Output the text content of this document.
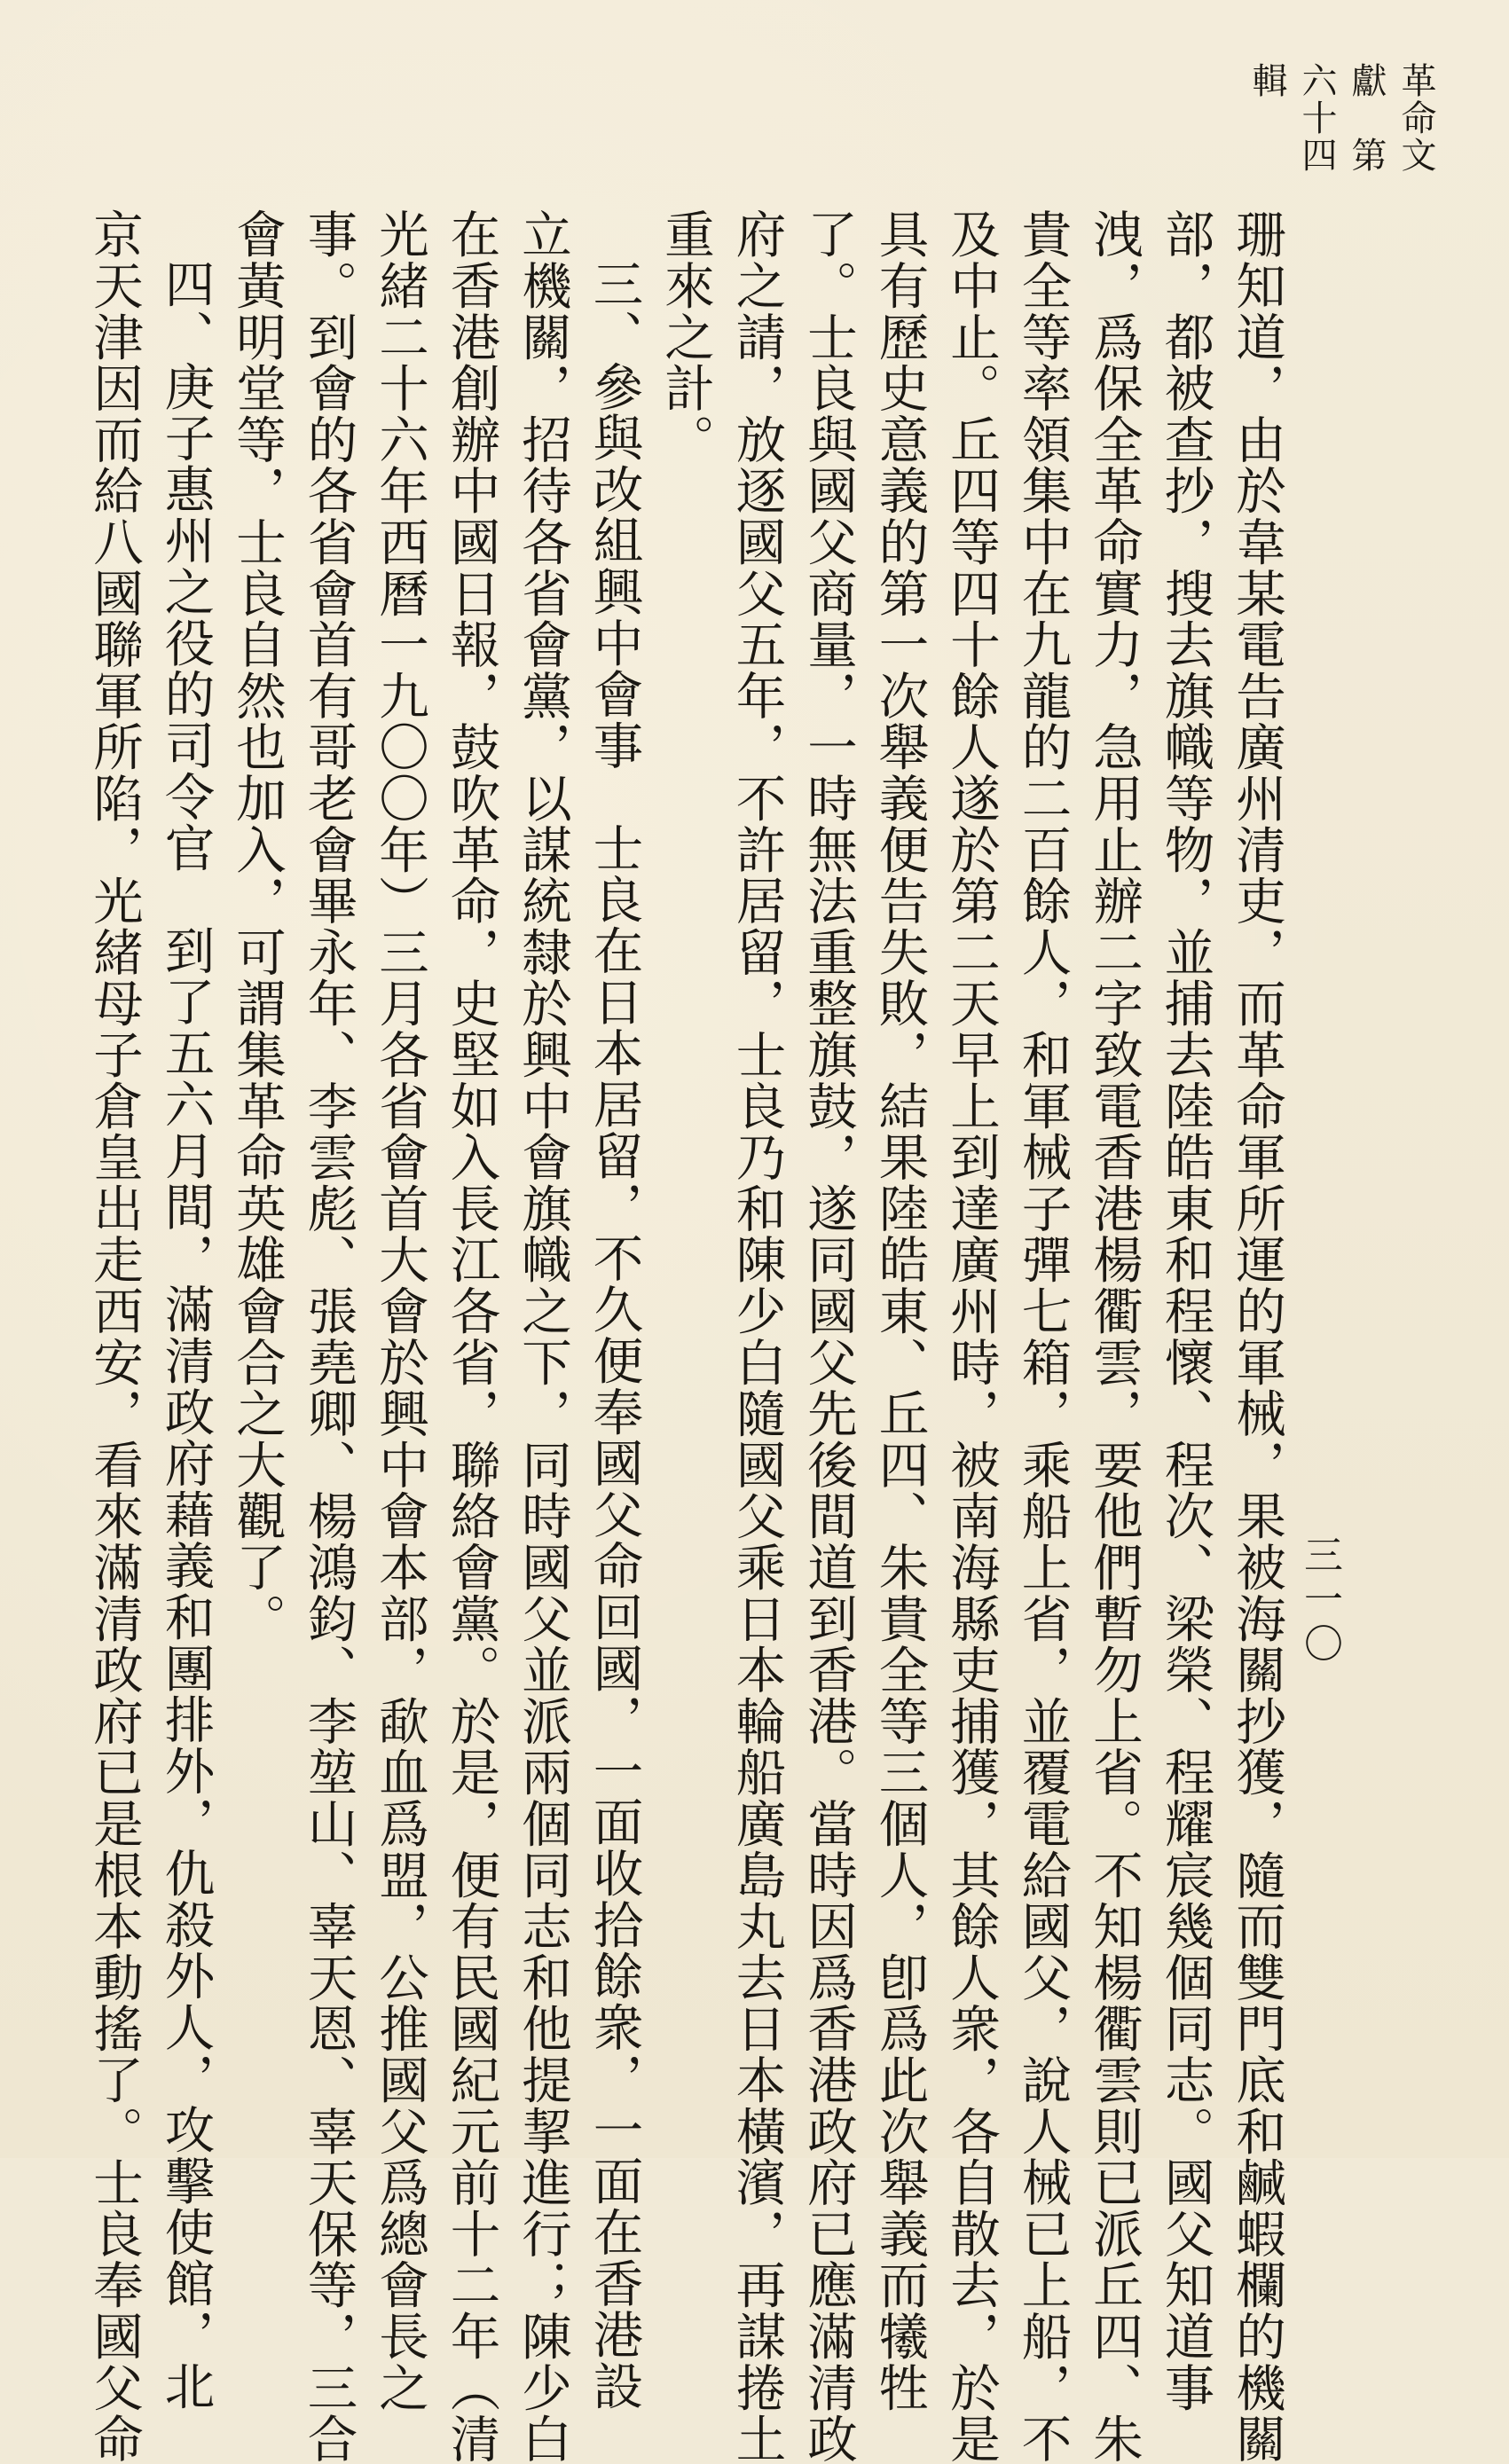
革命文獻　第六十四輯
三一〇
珊知道，由於韋某電告廣州清吏，而革命軍所運的軍械，果被海關抄獲，隨而雙門底和鹹蝦欄的機關
部，都被查抄，搜去旗幟等物，並捕去陸皓東和程懷、程次、梁榮、程耀宸幾個同志。國父知道事
洩，爲保全革命實力，急用止辦二字致電香港楊衢雲，要他們暫勿上省。不知楊衢雲則已派丘四、朱
貴全等率領集中在九龍的二百餘人，和軍械子彈七箱，乘船上省，並覆電給國父，說人械已上船，不
及中止。丘四等四十餘人遂於第二天早上到達廣州時，被南海縣吏捕獲，其餘人衆，各自散去，於是
具有歷史意義的第一次舉義便告失敗，結果陸皓東、丘四、朱貴全等三個人，卽爲此次舉義而犧牲
了。士良與國父商量，一時無法重整旗鼓，遂同國父先後間道到香港。當時因爲香港政府已應滿清政
府之請，放逐國父五年，不許居留，士良乃和陳少白隨國父乘日本輪船廣島丸去日本橫濱，再謀捲土
重來之計。
三、參與改組興中會事　士良在日本居留，不久便奉國父命回國，一面收拾餘衆，一面在香港設
立機關，招待各省會黨，以謀統隸於興中會旗幟之下，同時國父並派兩個同志和他提挈進行；陳少白
在香港創辦中國日報，鼓吹革命，史堅如入長江各省，聯絡會黨。於是，便有民國紀元前十二年（清
光緒二十六年西曆一九〇〇年）三月各省會首大會於興中會本部，歃血爲盟，公推國父爲總會長之
事。到會的各省會首有哥老會畢永年、李雲彪、張堯卿、楊鴻鈞、李堃山、辜天恩、辜天保等，三合
會黃明堂等，士良自然也加入，可謂集革命英雄會合之大觀了。
四、庚子惠州之役的司令官　到了五六月間，滿清政府藉義和團排外，仇殺外人，攻擊使館，北
京天津因而給八國聯軍所陷，光緒母子倉皇出走西安，看來滿清政府已是根本動搖了。士良奉國父命
